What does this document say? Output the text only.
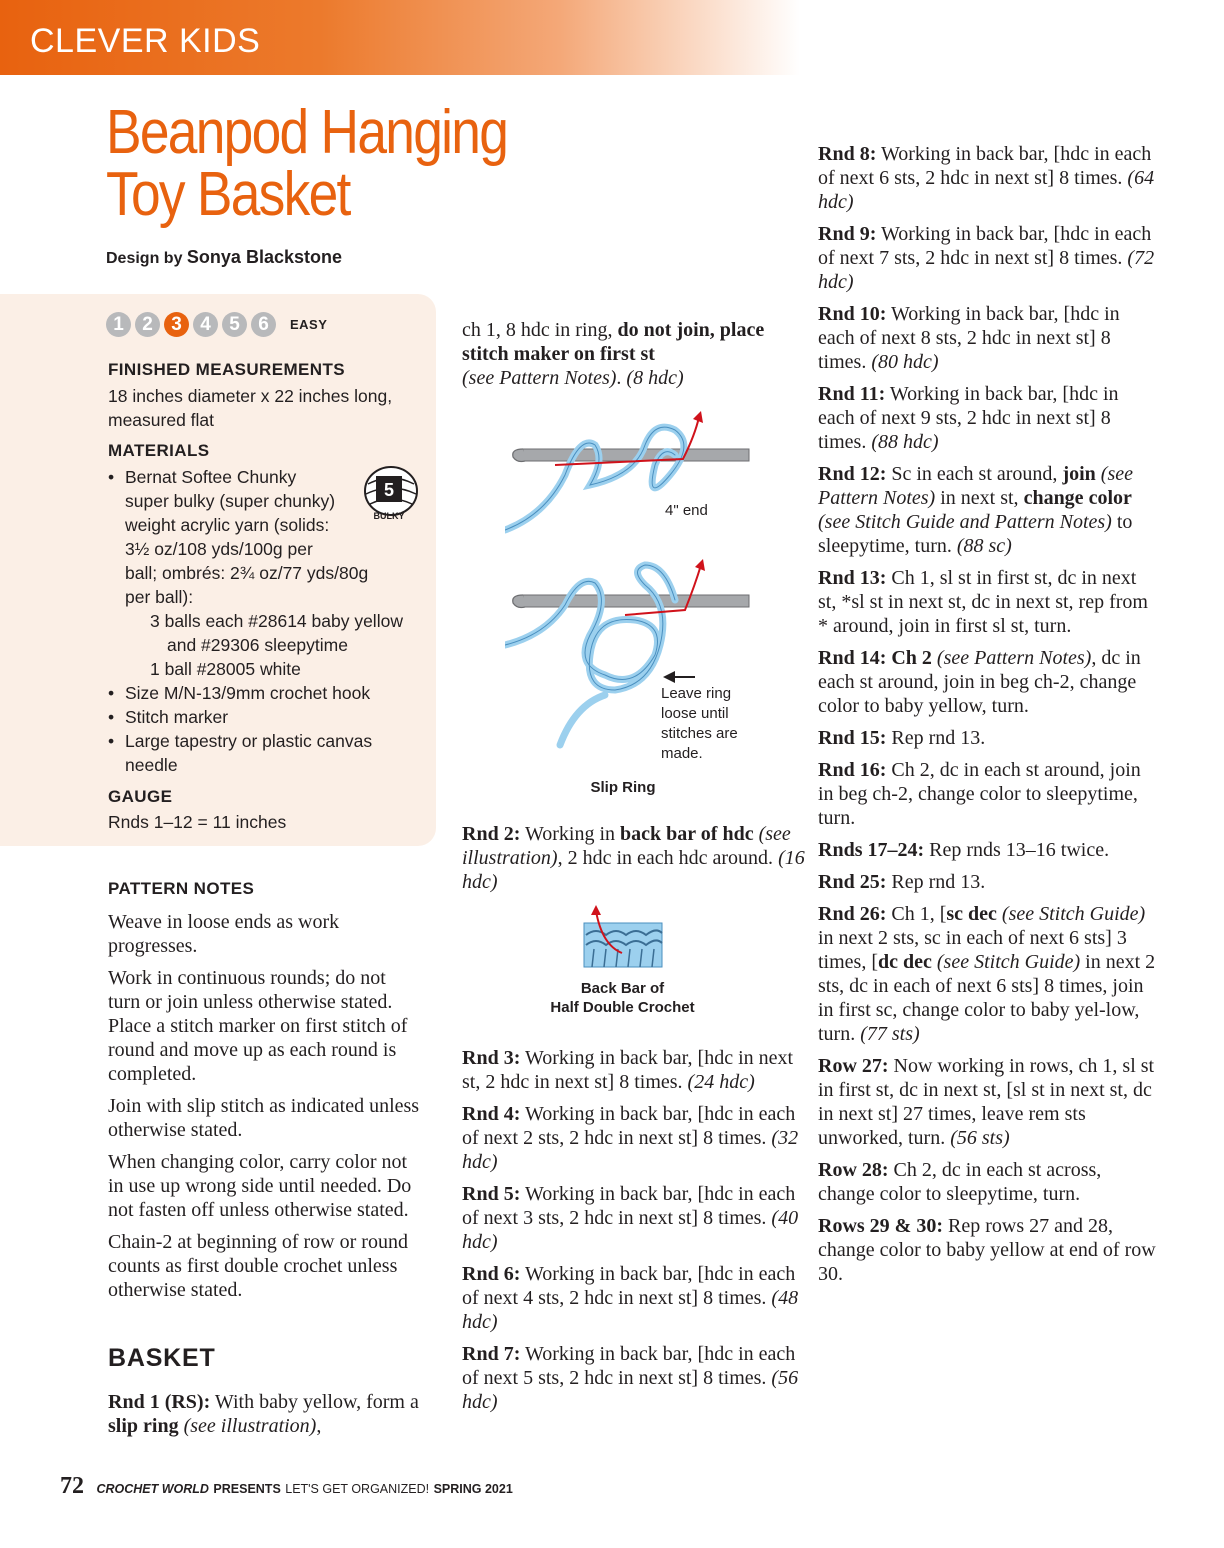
CLEVER KIDS
Beanpod Hanging
Toy Basket
Design by Sonya Blackstone
1 2 3 4 5 6	EASY
FINISHED MEASUREMENTS
18 inches diameter x 22 inches long, measured flat
MATERIALS
• Bernat Softee Chunky
super bulky (super chunky)
weight acrylic yarn (solids:
3½ oz/108 yds/100g per
ball; ombrés: 2¾ oz/77 yds/80g
per ball):
3 balls each #28614 baby yellow
and #29306 sleepytime
1 ball #28005 white
• Size M/N-13/9mm crochet hook
• Stitch marker
• Large tapestry or plastic canvas needle
5
BULKY
GAUGE
Rnds 1–12 = 11 inches
PATTERN NOTES

Weave in loose ends as work progresses.

Work in continuous rounds; do not turn or join unless otherwise stated. Place a stitch marker on first stitch of round and move up as each round is completed.

Join with slip stitch as indicated unless otherwise stated.

When changing color, carry color not in use up wrong side until needed. Do not fasten off unless otherwise stated.

Chain-2 at beginning of row or round counts as first double crochet unless otherwise stated.

BASKET

Rnd 1 (RS): With baby yellow, form a slip ring (see illustration),

ch 1, 8 hdc in ring, do not join, place stitch maker on first st
(see Pattern Notes). (8 hdc)

4" end
Leave ring loose until stitches are made.
Slip Ring

Rnd 2: Working in back bar of hdc (see illustration), 2 hdc in each hdc around. (16 hdc)

Back Bar of
Half Double Crochet

Rnd 3: Working in back bar, [hdc in next st, 2 hdc in next st] 8 times. (24 hdc)

Rnd 4: Working in back bar, [hdc in each of next 2 sts, 2 hdc in next st] 8 times. (32 hdc)

Rnd 5: Working in back bar, [hdc in each of next 3 sts, 2 hdc in next st] 8 times. (40 hdc)

Rnd 6: Working in back bar, [hdc in each of next 4 sts, 2 hdc in next st] 8 times. (48 hdc)

Rnd 7: Working in back bar, [hdc in each of next 5 sts, 2 hdc in next st] 8 times. (56 hdc)

Rnd 8: Working in back bar, [hdc in each of next 6 sts, 2 hdc in next st] 8 times. (64 hdc)

Rnd 9: Working in back bar, [hdc in each of next 7 sts, 2 hdc in next st] 8 times. (72 hdc)

Rnd 10: Working in back bar, [hdc in each of next 8 sts, 2 hdc in next st] 8 times. (80 hdc)

Rnd 11: Working in back bar, [hdc in each of next 9 sts, 2 hdc in next st] 8 times. (88 hdc)

Rnd 12: Sc in each st around, join (see Pattern Notes) in next st, change color (see Stitch Guide and Pattern Notes) to sleepytime, turn. (88 sc)

Rnd 13: Ch 1, sl st in first st, dc in next st, *sl st in next st, dc in next st, rep from * around, join in first sl st, turn.

Rnd 14: Ch 2 (see Pattern Notes), dc in each st around, join in beg ch-2, change color to baby yellow, turn.

Rnd 15: Rep rnd 13.

Rnd 16: Ch 2, dc in each st around, join in beg ch-2, change color to sleepytime, turn.

Rnds 17–24: Rep rnds 13–16 twice.

Rnd 25: Rep rnd 13.

Rnd 26: Ch 1, [sc dec (see Stitch Guide) in next 2 sts, sc in each of next 6 sts] 3 times, [dc dec (see Stitch Guide) in next 2 sts, dc in each of next 6 sts] 8 times, join in first sc, change color to baby yel-low, turn. (77 sts)

Row 27: Now working in rows, ch 1, sl st in first st, dc in next st, [sl st in next st, dc in next st] 27 times, leave rem sts unworked, turn. (56 sts)

Row 28: Ch 2, dc in each st across, change color to sleepytime, turn.

Rows 29 & 30: Rep rows 27 and 28, change color to baby yellow at end of row 30.

72 CROCHET WORLD PRESENTS LET'S GET ORGANIZED! SPRING 2021
